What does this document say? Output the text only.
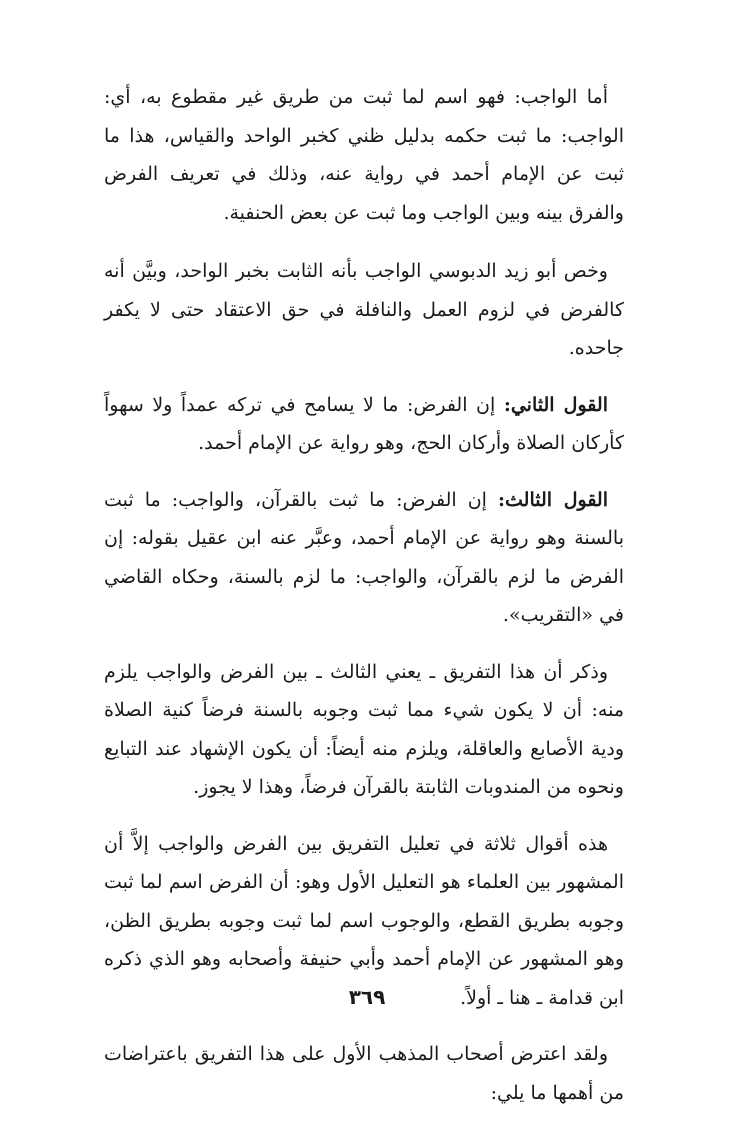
أما الواجب: فهو اسم لما ثبت من طريق غير مقطوع به، أي: الواجب: ما ثبت حكمه بدليل ظني كخبر الواحد والقياس، هذا ما ثبت عن الإمام أحمد في رواية عنه، وذلك في تعريف الفرض والفرق بينه وبين الواجب وما ثبت عن بعض الحنفية.

وخص أبو زيد الدبوسي الواجب بأنه الثابت بخبر الواحد، وبيَّن أنه كالفرض في لزوم العمل والنافلة في حق الاعتقاد حتى لا يكفر جاحده.

القول الثاني: إن الفرض: ما لا يسامح في تركه عمداً ولا سهواً كأركان الصلاة وأركان الحج، وهو رواية عن الإمام أحمد.

القول الثالث: إن الفرض: ما ثبت بالقرآن، والواجب: ما ثبت بالسنة وهو رواية عن الإمام أحمد، وعبَّر عنه ابن عقيل بقوله: إن الفرض ما لزم بالقرآن، والواجب: ما لزم بالسنة، وحكاه القاضي في «التقريب».

وذكر أن هذا التفريق ـ يعني الثالث ـ بين الفرض والواجب يلزم منه: أن لا يكون شيء مما ثبت وجوبه بالسنة فرضاً كنية الصلاة ودية الأصابع والعاقلة، ويلزم منه أيضاً: أن يكون الإشهاد عند التبايع ونحوه من المندوبات الثابتة بالقرآن فرضاً، وهذا لا يجوز.

هذه أقوال ثلاثة في تعليل التفريق بين الفرض والواجب إلاَّ أن المشهور بين العلماء هو التعليل الأول وهو: أن الفرض اسم لما ثبت وجوبه بطريق القطع، والوجوب اسم لما ثبت وجوبه بطريق الظن، وهو المشهور عن الإمام أحمد وأبي حنيفة وأصحابه وهو الذي ذكره ابن قدامة ـ هنا ـ أولاً.

ولقد اعترض أصحاب المذهب الأول على هذا التفريق باعتراضات من أهمها ما يلي:

٣٦٩
